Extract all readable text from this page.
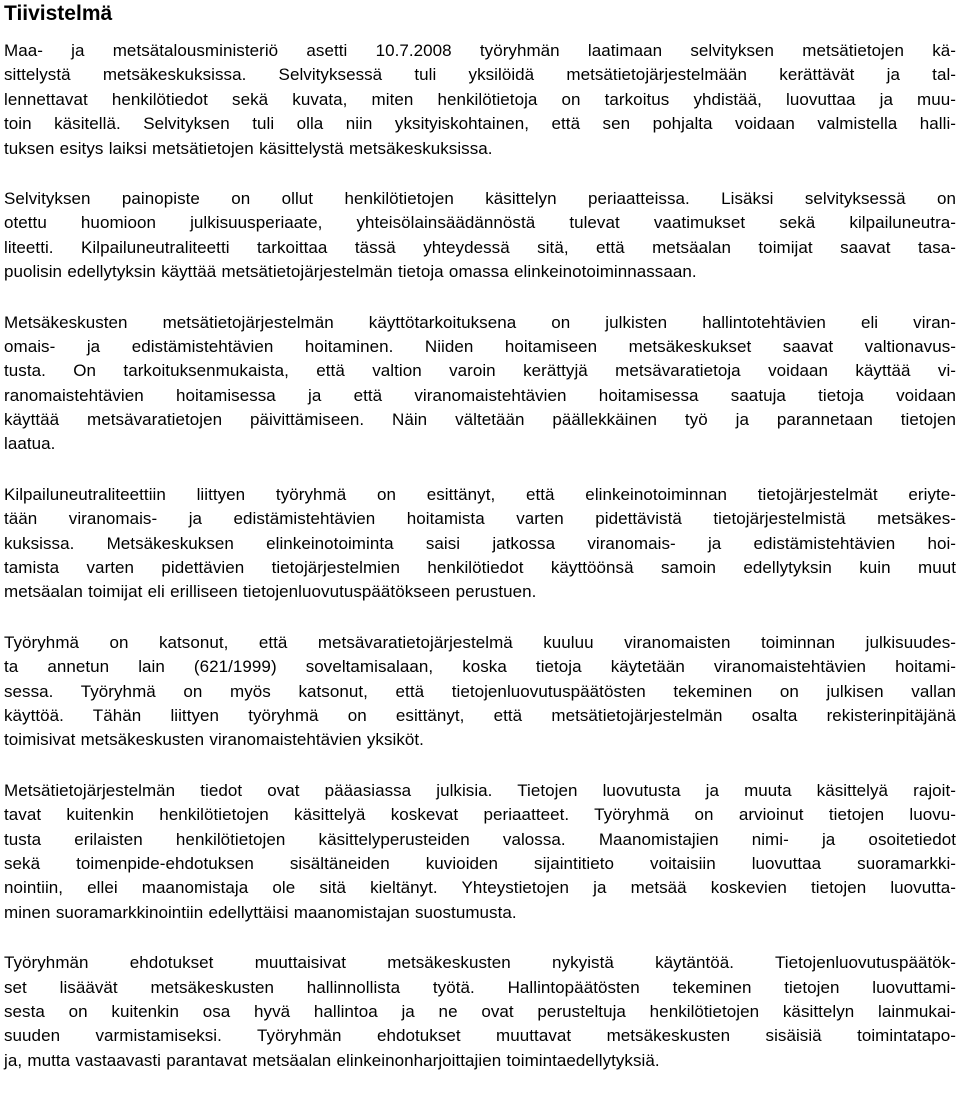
Tiivistelmä

Maa- ja metsätalousministeriö asetti 10.7.2008 työryhmän laatimaan selvityksen metsätietojen kä-
sittelystä metsäkeskuksissa. Selvityksessä tuli yksilöidä metsätietojärjestelmään kerättävät ja tal-
lennettavat henkilötiedot sekä kuvata, miten henkilötietoja on tarkoitus yhdistää, luovuttaa ja muu-
toin käsitellä. Selvityksen tuli olla niin yksityiskohtainen, että sen pohjalta voidaan valmistella halli-
tuksen esitys laiksi metsätietojen käsittelystä metsäkeskuksissa.

Selvityksen painopiste on ollut henkilötietojen käsittelyn periaatteissa. Lisäksi selvityksessä on
otettu huomioon julkisuusperiaate, yhteisölainsäädännöstä tulevat vaatimukset sekä kilpailuneutra-
liteetti. Kilpailuneutraliteetti tarkoittaa tässä yhteydessä sitä, että metsäalan toimijat saavat tasa-
puolisin edellytyksin käyttää metsätietojärjestelmän tietoja omassa elinkeinotoiminnassaan.

Metsäkeskusten metsätietojärjestelmän käyttötarkoituksena on julkisten hallintotehtävien eli viran-
omais- ja edistämistehtävien hoitaminen. Niiden hoitamiseen metsäkeskukset saavat valtionavus-
tusta. On tarkoituksenmukaista, että valtion varoin kerättyjä metsävaratietoja voidaan käyttää vi-
ranomaistehtävien hoitamisessa ja että viranomaistehtävien hoitamisessa saatuja tietoja voidaan
käyttää metsävaratietojen päivittämiseen. Näin vältetään päällekkäinen työ ja parannetaan tietojen
laatua.

Kilpailuneutraliteettiin liittyen työryhmä on esittänyt, että elinkeinotoiminnan tietojärjestelmät eriyte-
tään viranomais- ja edistämistehtävien hoitamista varten pidettävistä tietojärjestelmistä metsäkes-
kuksissa. Metsäkeskuksen elinkeinotoiminta saisi jatkossa viranomais- ja edistämistehtävien hoi-
tamista varten pidettävien tietojärjestelmien henkilötiedot käyttöönsä samoin edellytyksin kuin muut
metsäalan toimijat eli erilliseen tietojenluovutuspäätökseen perustuen.

Työryhmä on katsonut, että metsävaratietojärjestelmä kuuluu viranomaisten toiminnan julkisuudes-
ta annetun lain (621/1999) soveltamisalaan, koska tietoja käytetään viranomaistehtävien hoitami-
sessa. Työryhmä on myös katsonut, että tietojenluovutuspäätösten tekeminen on julkisen vallan
käyttöä. Tähän liittyen työryhmä on esittänyt, että metsätietojärjestelmän osalta rekisterinpitäjänä
toimisivat metsäkeskusten viranomaistehtävien yksiköt.

Metsätietojärjestelmän tiedot ovat pääasiassa julkisia. Tietojen luovutusta ja muuta käsittelyä rajoit-
tavat kuitenkin henkilötietojen käsittelyä koskevat periaatteet. Työryhmä on arvioinut tietojen luovu-
tusta erilaisten henkilötietojen käsittelyperusteiden valossa. Maanomistajien nimi- ja osoitetiedot
sekä toimenpide-ehdotuksen sisältäneiden kuvioiden sijaintitieto voitaisiin luovuttaa suoramarkki-
nointiin, ellei maanomistaja ole sitä kieltänyt. Yhteystietojen ja metsää koskevien tietojen luovutta-
minen suoramarkkinointiin edellyttäisi maanomistajan suostumusta.

Työryhmän ehdotukset muuttaisivat metsäkeskusten nykyistä käytäntöä. Tietojenluovutuspäätök-
set lisäävät metsäkeskusten hallinnollista työtä. Hallintopäätösten tekeminen tietojen luovuttami-
sesta on kuitenkin osa hyvä hallintoa ja ne ovat perusteltuja henkilötietojen käsittelyn lainmukai-
suuden varmistamiseksi. Työryhmän ehdotukset muuttavat metsäkeskusten sisäisiä toimintatapo-
ja, mutta vastaavasti parantavat metsäalan elinkeinonharjoittajien toimintaedellytyksiä.
